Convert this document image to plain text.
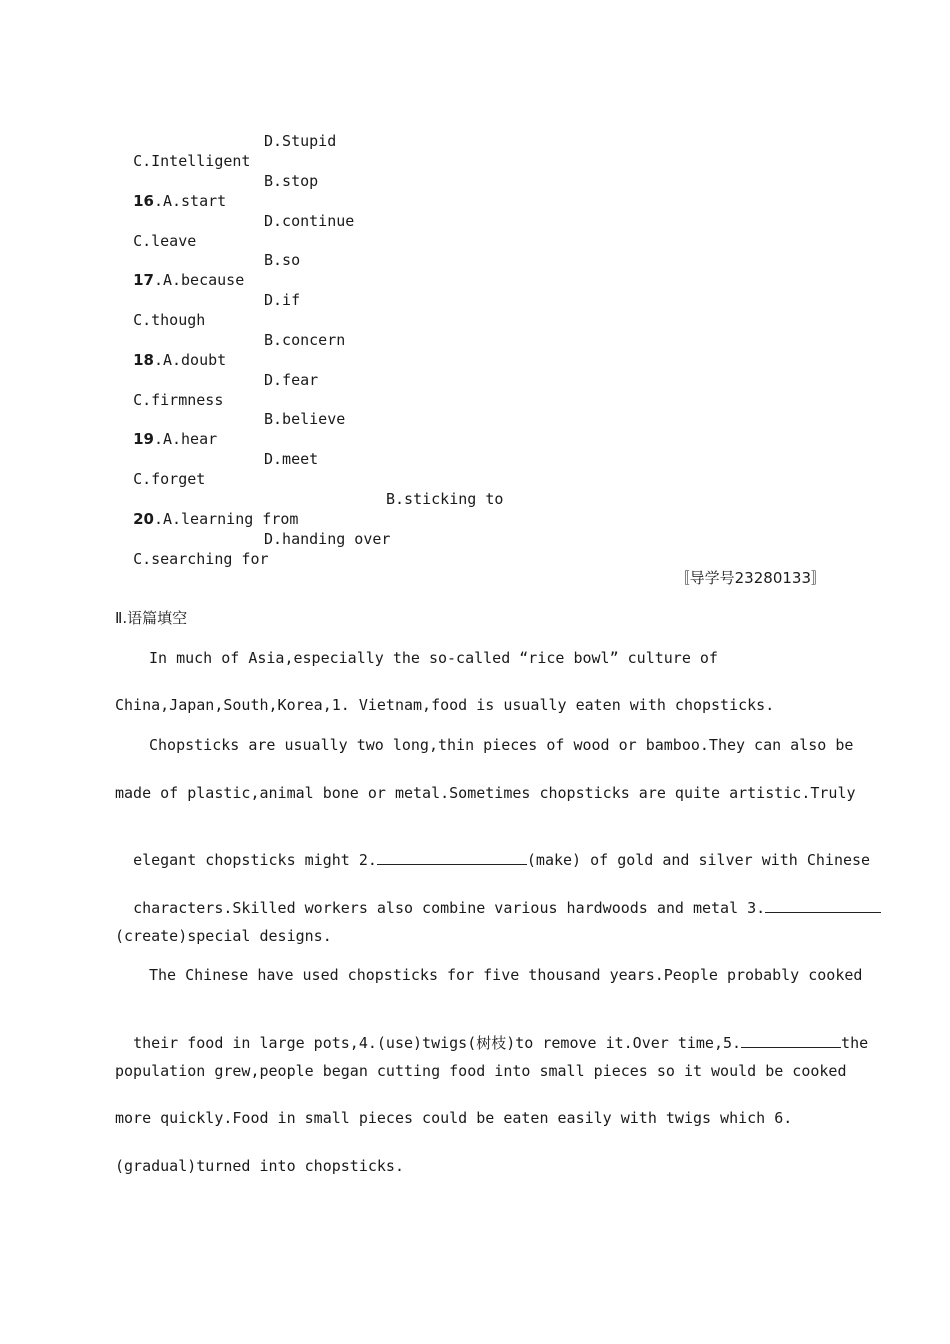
C.Intelligent

D.Stupid

16.A.start

B.stop

C.leave

D.continue

17.A.because

B.so

C.though

D.if

18.A.doubt

B.concern

C.firmness

D.fear

19.A.hear

B.believe

C.forget

D.meet

20.A.learning from

B.sticking to

C.searching for

D.handing over
〚导学号23280133〛
Ⅱ.语篇填空
In much of Asia,especially the so-called “rice bowl” culture of
China,Japan,South,Korea,1. Vietnam,food is usually eaten with chopsticks.
Chopsticks are usually two long,thin pieces of wood or bamboo.They can also be
made of plastic,animal bone or metal.Sometimes chopsticks are quite artistic.Truly

elegant chopsticks might 2.	(make) of gold and silver with Chinese

characters.Skilled workers also combine various hardwoods and metal 3.

(create)special designs.
The Chinese have used chopsticks for five thousand years.People probably cooked

their food in large pots,4.(use)twigs(树枝)to remove it.Over time,5.	the

population grew,people began cutting food into small pieces so it would be cooked
more quickly.Food in small pieces could be eaten easily with twigs which 6.
(gradual)turned into chopsticks.
